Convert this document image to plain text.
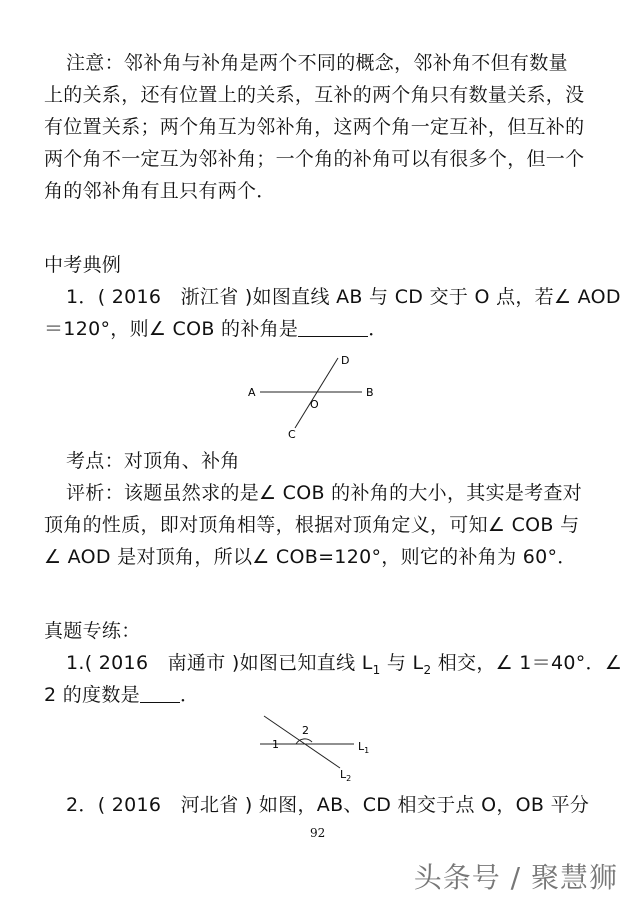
注意：邻补角与补角是两个不同的概念，邻补角不但有数量
上的关系，还有位置上的关系，互补的两个角只有数量关系，没
有位置关系；两个角互为邻补角，这两个角一定互补，但互补的
两个角不一定互为邻补角；一个角的补角可以有很多个，但一个
角的邻补角有且只有两个．
中考典例
1．( 2016　浙江省 )如图直线 AB 与 CD 交于 O 点，若∠ AOD
＝120°，则∠ COB 的补角是	．
A	B
C
D
O
考点：对顶角、补角
评析：该题虽然求的是∠ COB 的补角的大小，其实是考查对
顶角的性质，即对顶角相等，根据对顶角定义，可知∠ COB 与
∠ AOD 是对顶角，所以∠ COB=120°，则它的补角为 60°．
真题专练：
1.( 2016　南通市 )如图已知直线 $L_1$ 与 $L_2$ 相交，∠ 1＝40°．∠
2 的度数是 ．
1
2
$L_1$
$L_2$
2．( 2016　河北省 ) 如图，AB、CD 相交于点 O，OB 平分
92
头条号 / 聚慧狮
